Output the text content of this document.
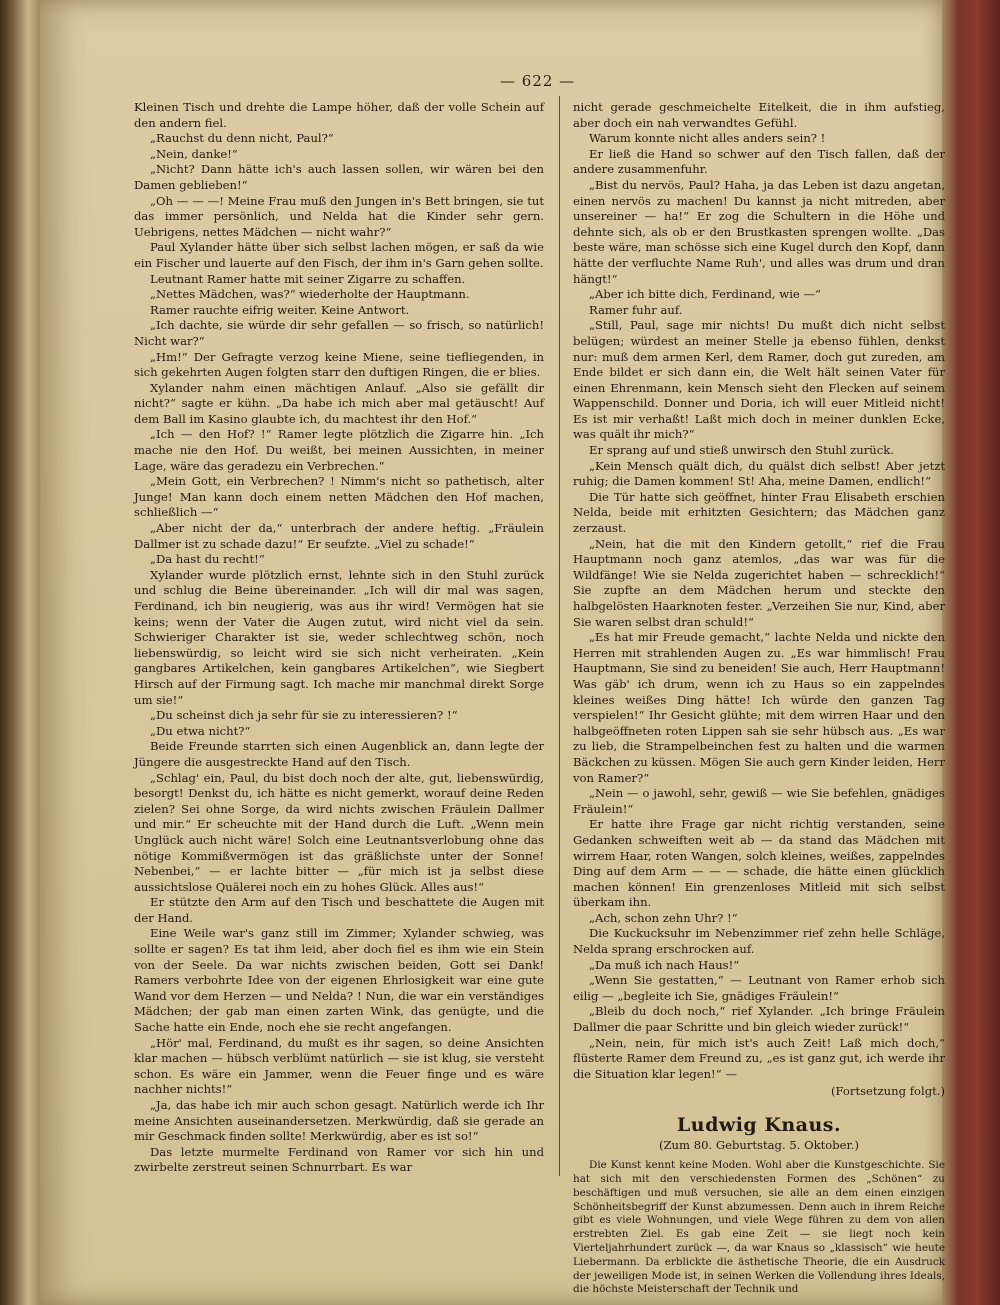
— 622 —

Kleinen Tisch und drehte die Lampe höher, daß der volle Schein auf den andern fiel.

„Rauchst du denn nicht, Paul?“

„Nein, danke!“

„Nicht? Dann hätte ich's auch lassen sollen, wir wären bei den Damen geblieben!“

„Oh — — —! Meine Frau muß den Jungen in's Bett bringen, sie tut das immer persönlich, und Nelda hat die Kinder sehr gern. Uebrigens, nettes Mädchen — nicht wahr?“

Paul Xylander hätte über sich selbst lachen mögen, er saß da wie ein Fischer und lauerte auf den Fisch, der ihm in's Garn gehen sollte.

Leutnant Ramer hatte mit seiner Zigarre zu schaffen.

„Nettes Mädchen, was?“ wiederholte der Hauptmann.

Ramer rauchte eifrig weiter. Keine Antwort.

„Ich dachte, sie würde dir sehr gefallen — so frisch, so natürlich! Nicht war?“

„Hm!“ Der Gefragte verzog keine Miene, seine tiefliegenden, in sich gekehrten Augen folgten starr den duftigen Ringen, die er blies.

Xylander nahm einen mächtigen Anlauf. „Also sie gefällt dir nicht?“ sagte er kühn. „Da habe ich mich aber mal getäuscht! Auf dem Ball im Kasino glaubte ich, du machtest ihr den Hof.“

„Ich — den Hof? !“ Ramer legte plötzlich die Zigarre hin. „Ich mache nie den Hof. Du weißt, bei meinen Aussichten, in meiner Lage, wäre das geradezu ein Verbrechen.“

„Mein Gott, ein Verbrechen? ! Nimm's nicht so pathetisch, alter Junge! Man kann doch einem netten Mädchen den Hof machen, schließlich —“

„Aber nicht der da,“ unterbrach der andere heftig. „Fräulein Dallmer ist zu schade dazu!“ Er seufzte. „Viel zu schade!“

„Da hast du recht!“

Xylander wurde plötzlich ernst, lehnte sich in den Stuhl zurück und schlug die Beine übereinander. „Ich will dir mal was sagen, Ferdinand, ich bin neugierig, was aus ihr wird! Vermögen hat sie keins; wenn der Vater die Augen zutut, wird nicht viel da sein. Schwieriger Charakter ist sie, weder schlechtweg schön, noch liebenswürdig, so leicht wird sie sich nicht verheiraten. „Kein gangbares Artikelchen, kein gangbares Artikelchen“, wie Siegbert Hirsch auf der Firmung sagt. Ich mache mir manchmal direkt Sorge um sie!“

„Du scheinst dich ja sehr für sie zu interessieren? !“

„Du etwa nicht?“

Beide Freunde starrten sich einen Augenblick an, dann legte der Jüngere die ausgestreckte Hand auf den Tisch.

„Schlag' ein, Paul, du bist doch noch der alte, gut, liebenswürdig, besorgt! Denkst du, ich hätte es nicht gemerkt, worauf deine Reden zielen? Sei ohne Sorge, da wird nichts zwischen Fräulein Dallmer und mir.“ Er scheuchte mit der Hand durch die Luft. „Wenn mein Unglück auch nicht wäre! Solch eine Leutnantsverlobung ohne das nötige Kommißvermögen ist das gräßlichste unter der Sonne! Nebenbei,“ — er lachte bitter — „für mich ist ja selbst diese aussichtslose Quälerei noch ein zu hohes Glück. Alles aus!“

Er stützte den Arm auf den Tisch und beschattete die Augen mit der Hand.

Eine Weile war's ganz still im Zimmer; Xylander schwieg, was sollte er sagen? Es tat ihm leid, aber doch fiel es ihm wie ein Stein von der Seele. Da war nichts zwischen beiden, Gott sei Dank! Ramers verbohrte Idee von der eigenen Ehrlosigkeit war eine gute Wand vor dem Herzen — und Nelda? ! Nun, die war ein verständiges Mädchen; der gab man einen zarten Wink, das genügte, und die Sache hatte ein Ende, noch ehe sie recht angefangen.

„Hör' mal, Ferdinand, du mußt es ihr sagen, so deine Ansichten klar machen — hübsch verblümt natürlich — sie ist klug, sie versteht schon. Es wäre ein Jammer, wenn die Feuer finge und es wäre nachher nichts!“

„Ja, das habe ich mir auch schon gesagt. Natürlich werde ich Ihr meine Ansichten auseinandersetzen. Merkwürdig, daß sie gerade an mir Geschmack finden sollte! Merkwürdig, aber es ist so!“

Das letzte murmelte Ferdinand von Ramer vor sich hin und zwirbelte zerstreut seinen Schnurrbart. Es war

nicht gerade geschmeichelte Eitelkeit, die in ihm aufstieg, aber doch ein nah verwandtes Gefühl.

Warum konnte nicht alles anders sein? !

Er ließ die Hand so schwer auf den Tisch fallen, daß der andere zusammenfuhr.

„Bist du nervös, Paul? Haha, ja das Leben ist dazu angetan, einen nervös zu machen! Du kannst ja nicht mitreden, aber unsereiner — ha!“ Er zog die Schultern in die Höhe und dehnte sich, als ob er den Brustkasten sprengen wollte. „Das beste wäre, man schösse sich eine Kugel durch den Kopf, dann hätte der verfluchte Name Ruh', und alles was drum und dran hängt!“

„Aber ich bitte dich, Ferdinand, wie —“

Ramer fuhr auf.

„Still, Paul, sage mir nichts! Du mußt dich nicht selbst belügen; würdest an meiner Stelle ja ebenso fühlen, denkst nur: muß dem armen Kerl, dem Ramer, doch gut zureden, am Ende bildet er sich dann ein, die Welt hält seinen Vater für einen Ehrenmann, kein Mensch sieht den Flecken auf seinem Wappenschild. Donner und Doria, ich will euer Mitleid nicht! Es ist mir verhaßt! Laßt mich doch in meiner dunklen Ecke, was quält ihr mich?“

Er sprang auf und stieß unwirsch den Stuhl zurück.

„Kein Mensch quält dich, du quälst dich selbst! Aber jetzt ruhig; die Damen kommen! St! Aha, meine Damen, endlich!“

Die Tür hatte sich geöffnet, hinter Frau Elisabeth erschien Nelda, beide mit erhitzten Gesichtern; das Mädchen ganz zerzaust.

„Nein, hat die mit den Kindern getollt,“ rief die Frau Hauptmann noch ganz atemlos, „das war was für die Wildfänge! Wie sie Nelda zugerichtet haben — schrecklich!“ Sie zupfte an dem Mädchen herum und steckte den halbgelösten Haarknoten fester. „Verzeihen Sie nur, Kind, aber Sie waren selbst dran schuld!“

„Es hat mir Freude gemacht,“ lachte Nelda und nickte den Herren mit strahlenden Augen zu. „Es war himmlisch! Frau Hauptmann, Sie sind zu beneiden! Sie auch, Herr Hauptmann! Was gäb' ich drum, wenn ich zu Haus so ein zappelndes kleines weißes Ding hätte! Ich würde den ganzen Tag verspielen!“ Ihr Gesicht glühte; mit dem wirren Haar und den halbgeöffneten roten Lippen sah sie sehr hübsch aus. „Es war zu lieb, die Strampelbeinchen fest zu halten und die warmen Bäckchen zu küssen. Mögen Sie auch gern Kinder leiden, Herr von Ramer?“

„Nein — o jawohl, sehr, gewiß — wie Sie befehlen, gnädiges Fräulein!“

Er hatte ihre Frage gar nicht richtig verstanden, seine Gedanken schweiften weit ab — da stand das Mädchen mit wirrem Haar, roten Wangen, solch kleines, weißes, zappelndes Ding auf dem Arm — — — schade, die hätte einen glücklich machen können! Ein grenzenloses Mitleid mit sich selbst überkam ihn.

„Ach, schon zehn Uhr? !“

Die Kuckucksuhr im Nebenzimmer rief zehn helle Schläge, Nelda sprang erschrocken auf.

„Da muß ich nach Haus!“

„Wenn Sie gestatten,“ — Leutnant von Ramer erhob sich eilig — „begleite ich Sie, gnädiges Fräulein!“

„Bleib du doch noch,“ rief Xylander. „Ich bringe Fräulein Dallmer die paar Schritte und bin gleich wieder zurück!“

„Nein, nein, für mich ist's auch Zeit! Laß mich doch,“ flüsterte Ramer dem Freund zu, „es ist ganz gut, ich werde ihr die Situation klar legen!“ —

(Fortsetzung folgt.)
Ludwig Knaus.
(Zum 80. Geburtstag. 5. Oktober.)

Die Kunst kennt keine Moden. Wohl aber die Kunstgeschichte. Sie hat sich mit den verschiedensten Formen des „Schönen“ zu beschäftigen und muß versuchen, sie alle an dem einen einzigen Schönheitsbegriff der Kunst abzumessen. Denn auch in ihrem Reiche gibt es viele Wohnungen, und viele Wege führen zu dem von allen erstrebten Ziel. Es gab eine Zeit — sie liegt noch kein Vierteljahrhundert zurück —, da war Knaus so „klassisch“ wie heute Liebermann. Da erblickte die ästhetische Theorie, die ein Ausdruck der jeweiligen Mode ist, in seinen Werken die Vollendung ihres Ideals, die höchste Meisterschaft der Technik und
